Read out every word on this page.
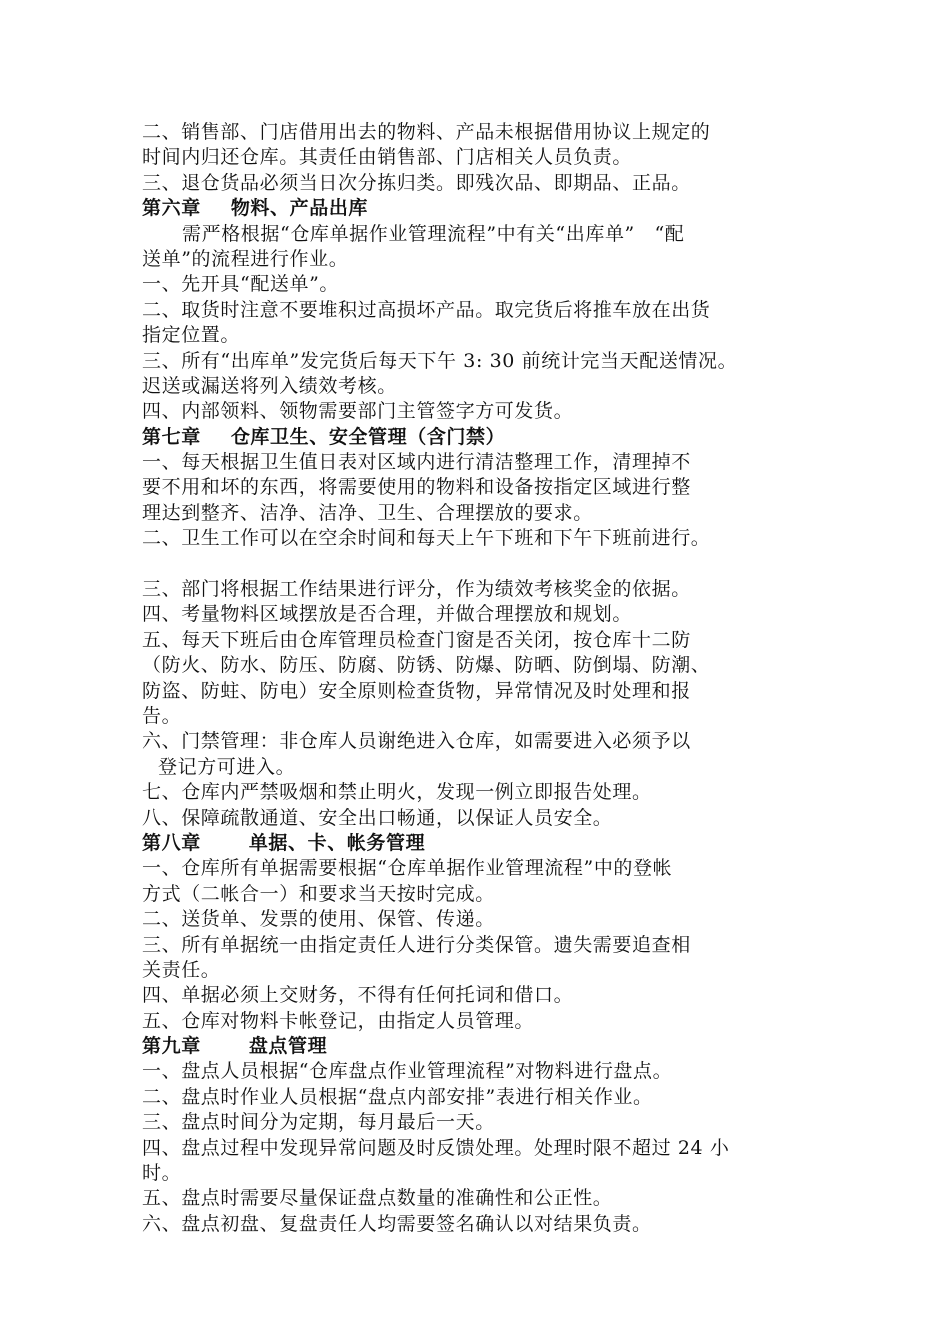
二、销售部、门店借用出去的物料、产品未根据借用协议上规定的
时间内归还仓库。其责任由销售部、门店相关人员负责。
三、退仓货品必须当日次分拣归类。即残次品、即期品、正品。
第六章 物料、产品出库
需严格根据“仓库单据作业管理流程”中有关“出库单”　“配
送单”的流程进行作业。
一、先开具“配送单”。
二、取货时注意不要堆积过高损坏产品。取完货后将推车放在出货
指定位置。
三、所有“出库单”发完货后每天下午 3: 30 前统计完当天配送情况。
迟送或漏送将列入绩效考核。
四、内部领料、领物需要部门主管签字方可发货。
第七章 仓库卫生、安全管理（含门禁）
一、每天根据卫生值日表对区域内进行清洁整理工作，清理掉不
要不用和坏的东西，将需要使用的物料和设备按指定区域进行整
理达到整齐、洁净、洁净、卫生、合理摆放的要求。
二、卫生工作可以在空余时间和每天上午下班和下午下班前进行。
三、部门将根据工作结果进行评分，作为绩效考核奖金的依据。
四、考量物料区域摆放是否合理，并做合理摆放和规划。
五、每天下班后由仓库管理员检查门窗是否关闭，按仓库十二防
（防火、防水、防压、防腐、防锈、防爆、防晒、防倒塌、防潮、
防盗、防蛀、防电）安全原则检查货物，异常情况及时处理和报
告。
六、门禁管理：非仓库人员谢绝进入仓库，如需要进入必须予以
登记方可进入。
七、仓库内严禁吸烟和禁止明火，发现一例立即报告处理。
八、保障疏散通道、安全出口畅通，以保证人员安全。
第八章	单据、卡、帐务管理
一、仓库所有单据需要根据“仓库单据作业管理流程”中的登帐
方式（二帐合一）和要求当天按时完成。
二、送货单、发票的使用、保管、传递。
三、所有单据统一由指定责任人进行分类保管。遗失需要追查相
关责任。
四、单据必须上交财务，不得有任何托词和借口。
五、仓库对物料卡帐登记，由指定人员管理。
第九章	盘点管理
一、盘点人员根据“仓库盘点作业管理流程”对物料进行盘点。
二、盘点时作业人员根据“盘点内部安排”表进行相关作业。
三、盘点时间分为定期，每月最后一天。
四、盘点过程中发现异常问题及时反馈处理。处理时限不超过 24 小
时。
五、盘点时需要尽量保证盘点数量的准确性和公正性。
六、盘点初盘、复盘责任人均需要签名确认以对结果负责。
